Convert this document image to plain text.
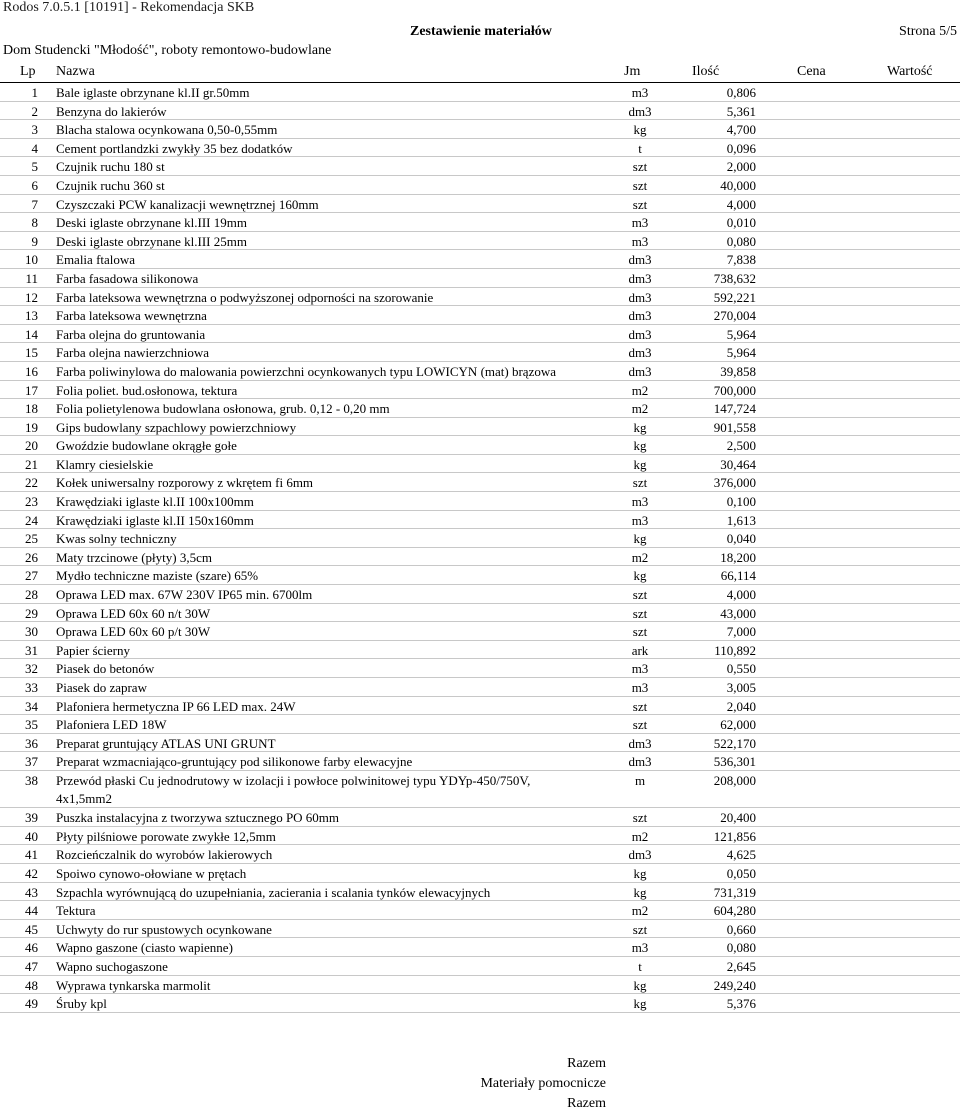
Rodos 7.0.5.1 [10191] - Rekomendacja SKB
Zestawienie materiałów	Strona 5/5
Dom Studencki "Młodość", roboty remontowo-budowlane
Lp Nazwa	Jm	Ilość	Cena	Wartość
1 Bale iglaste obrzynane kl.II gr.50mm	m3	0,806
2 Benzyna do lakierów	dm3	5,361
3 Blacha stalowa ocynkowana 0,50-0,55mm	kg	4,700
4 Cement portlandzki zwykły 35 bez dodatków	t	0,096
5 Czujnik ruchu 180 st	szt	2,000
6 Czujnik ruchu 360 st	szt	40,000
7 Czyszczaki PCW kanalizacji wewnętrznej 160mm	szt	4,000
8 Deski iglaste obrzynane kl.III 19mm	m3	0,010
9 Deski iglaste obrzynane kl.III 25mm	m3	0,080
10 Emalia ftalowa	dm3	7,838
11 Farba fasadowa silikonowa	dm3	738,632
12 Farba lateksowa wewnętrzna o podwyższonej odporności na szorowanie	dm3	592,221
13 Farba lateksowa wewnętrzna	dm3	270,004
14 Farba olejna do gruntowania	dm3	5,964
15 Farba olejna nawierzchniowa	dm3	5,964
16 Farba poliwinylowa do malowania powierzchni ocynkowanych typu LOWICYN (mat) brązowa	dm3	39,858
17 Folia poliet. bud.osłonowa, tektura	m2	700,000
18 Folia polietylenowa budowlana osłonowa, grub. 0,12 - 0,20 mm	m2	147,724
19 Gips budowlany szpachlowy powierzchniowy	kg	901,558
20 Gwoździe budowlane okrągłe gołe	kg	2,500
21 Klamry ciesielskie	kg	30,464
22 Kołek uniwersalny rozporowy z wkrętem fi 6mm	szt	376,000
23 Krawędziaki iglaste kl.II 100x100mm	m3	0,100
24 Krawędziaki iglaste kl.II 150x160mm	m3	1,613
25 Kwas solny techniczny	kg	0,040
26 Maty trzcinowe (płyty) 3,5cm	m2	18,200
27 Mydło techniczne maziste (szare) 65%	kg	66,114
28 Oprawa LED max. 67W 230V IP65 min. 6700lm	szt	4,000
29 Oprawa LED 60x 60 n/t 30W	szt	43,000
30 Oprawa LED 60x 60 p/t 30W	szt	7,000
31 Papier ścierny	ark	110,892
32 Piasek do betonów	m3	0,550
33 Piasek do zapraw	m3	3,005
34 Plafoniera hermetyczna IP 66 LED max. 24W	szt	2,040
35 Plafoniera LED 18W	szt	62,000
36 Preparat gruntujący ATLAS UNI GRUNT	dm3	522,170
37 Preparat wzmacniająco-gruntujący pod silikonowe farby elewacyjne	dm3	536,301
38 Przewód płaski Cu jednodrutowy w izolacji i powłoce polwinitowej typu YDYp-450/750V,	m	208,000
4x1,5mm2
39 Puszka instalacyjna z tworzywa sztucznego PO 60mm	szt	20,400
40 Płyty pilśniowe porowate zwykłe 12,5mm	m2	121,856
41 Rozcieńczalnik do wyrobów lakierowych	dm3	4,625
42 Spoiwo cynowo-ołowiane w prętach	kg	0,050
43 Szpachla wyrównującą do uzupełniania, zacierania i scalania tynków elewacyjnych	kg	731,319
44 Tektura	m2	604,280
45 Uchwyty do rur spustowych ocynkowane	szt	0,660
46 Wapno gaszone (ciasto wapienne)	m3	0,080
47 Wapno suchogaszone	t	2,645
48 Wyprawa tynkarska marmolit	kg	249,240
49 Śruby kpl	kg	5,376
Razem
Materiały pomocnicze
Razem
